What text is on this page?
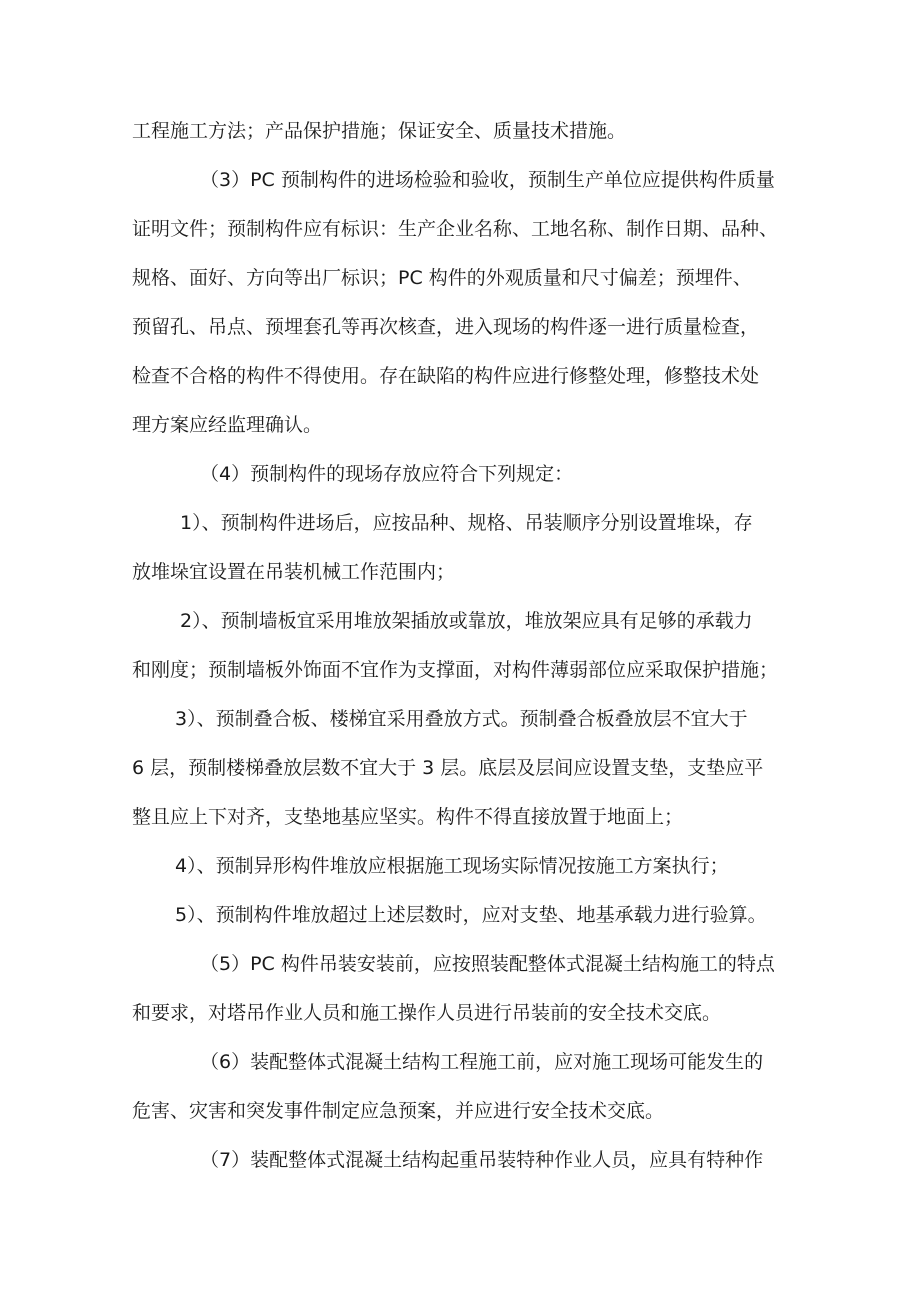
工程施工方法；产品保护措施；保证安全、质量技术措施。
（3）PC 预制构件的进场检验和验收，预制生产单位应提供构件质量
证明文件；预制构件应有标识：生产企业名称、工地名称、制作日期、品种、
规格、面好、方向等出厂标识；PC 构件的外观质量和尺寸偏差；预埋件、
预留孔、吊点、预埋套孔等再次核查，进入现场的构件逐一进行质量检查，
检查不合格的构件不得使用。存在缺陷的构件应进行修整处理，修整技术处
理方案应经监理确认。
（4）预制构件的现场存放应符合下列规定：
1）、预制构件进场后，应按品种、规格、吊装顺序分别设置堆垛，存
放堆垛宜设置在吊装机械工作范围内；
2）、预制墙板宜采用堆放架插放或靠放，堆放架应具有足够的承载力
和刚度；预制墙板外饰面不宜作为支撑面，对构件薄弱部位应采取保护措施；
3）、预制叠合板、楼梯宜采用叠放方式。预制叠合板叠放层不宜大于
6 层，预制楼梯叠放层数不宜大于 3 层。底层及层间应设置支垫，支垫应平
整且应上下对齐，支垫地基应坚实。构件不得直接放置于地面上；
4）、预制异形构件堆放应根据施工现场实际情况按施工方案执行；
5）、预制构件堆放超过上述层数时，应对支垫、地基承载力进行验算。
（5）PC 构件吊装安装前，应按照装配整体式混凝土结构施工的特点
和要求，对塔吊作业人员和施工操作人员进行吊装前的安全技术交底。
（6）装配整体式混凝土结构工程施工前，应对施工现场可能发生的
危害、灾害和突发事件制定应急预案，并应进行安全技术交底。
（7）装配整体式混凝土结构起重吊装特种作业人员，应具有特种作
